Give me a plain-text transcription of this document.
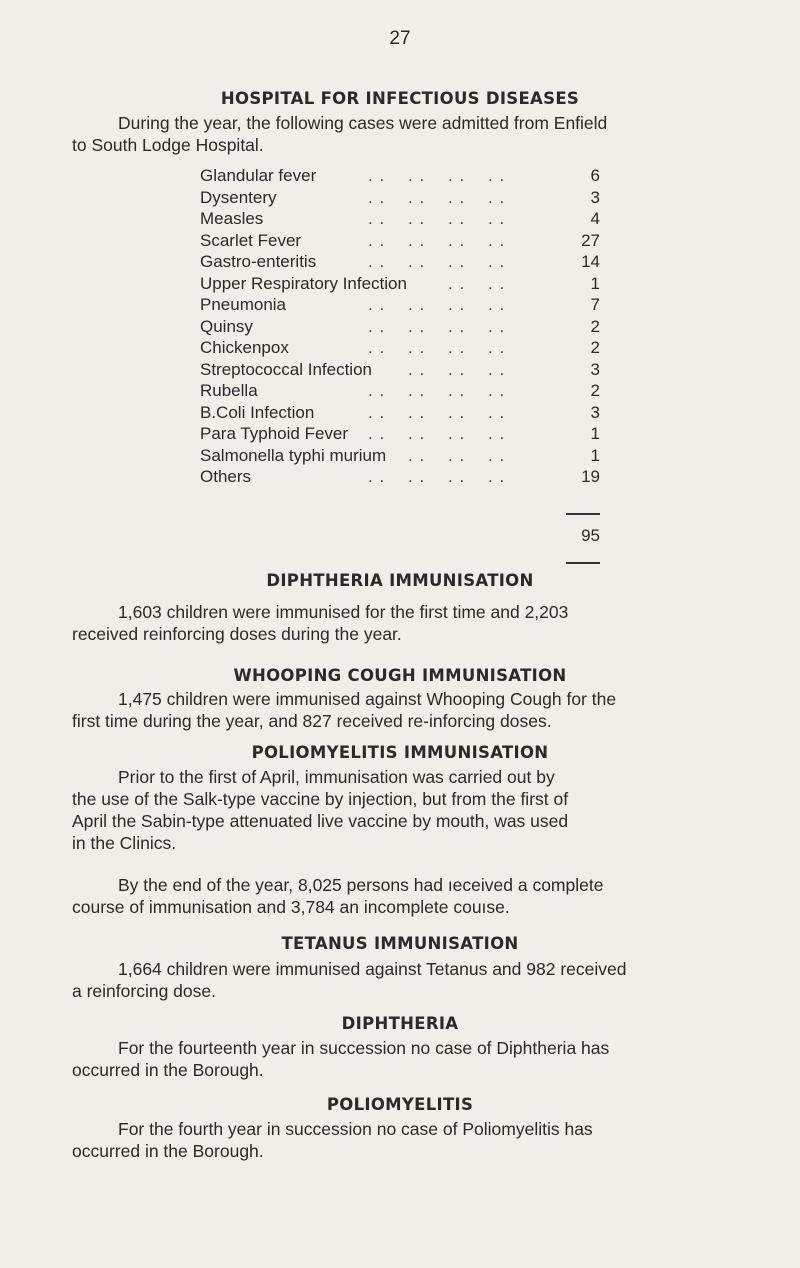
27
HOSPITAL FOR INFECTIOUS DISEASES
During the year, the following cases were admitted from Enfield
to South Lodge Hospital.
Glandular fever	6
. . . . . . . .
Dysentery	3
. . . . . . . .
Measles	4
. . . . . . . .
Scarlet Fever	27
. . . . . . . .
Gastro-enteritis	14
. . . . . . . .
Upper Respiratory Infection	1
. . . .
Pneumonia	7
. . . . . . . .
Quinsy	2
. . . . . . . .
Chickenpox	2
. . . . . . . .
Streptococcal Infection	3
. . . . . .
Rubella	2
. . . . . . . .
B.Coli Infection	3
. . . . . . . .
Para Typhoid Fever	1
. . . . . . . .
Salmonella typhi murium	1
. . . . . .
Others	19
. . . . . . . .
95
DIPHTHERIA IMMUNISATION
1,603 children were immunised for the first time and 2,203
received reinforcing doses during the year.
WHOOPING COUGH IMMUNISATION
1,475 children were immunised against Whooping Cough for the
first time during the year, and 827 received re-inforcing doses.
POLIOMYELITIS IMMUNISATION
Prior to the first of April, immunisation was carried out by
the use of the Salk-type vaccine by injection, but from the first of
April the Sabin-type attenuated live vaccine by mouth, was used
in the Clinics.
By the end of the year, 8,025 persons had ıeceived a complete
course of immunisation and 3,784 an incomplete couıse.
TETANUS IMMUNISATION
1,664 children were immunised against Tetanus and 982 received
a reinforcing dose.
DIPHTHERIA
For the fourteenth year in succession no case of Diphtheria has
occurred in the Borough.
POLIOMYELITIS
For the fourth year in succession no case of Poliomyelitis has
occurred in the Borough.
